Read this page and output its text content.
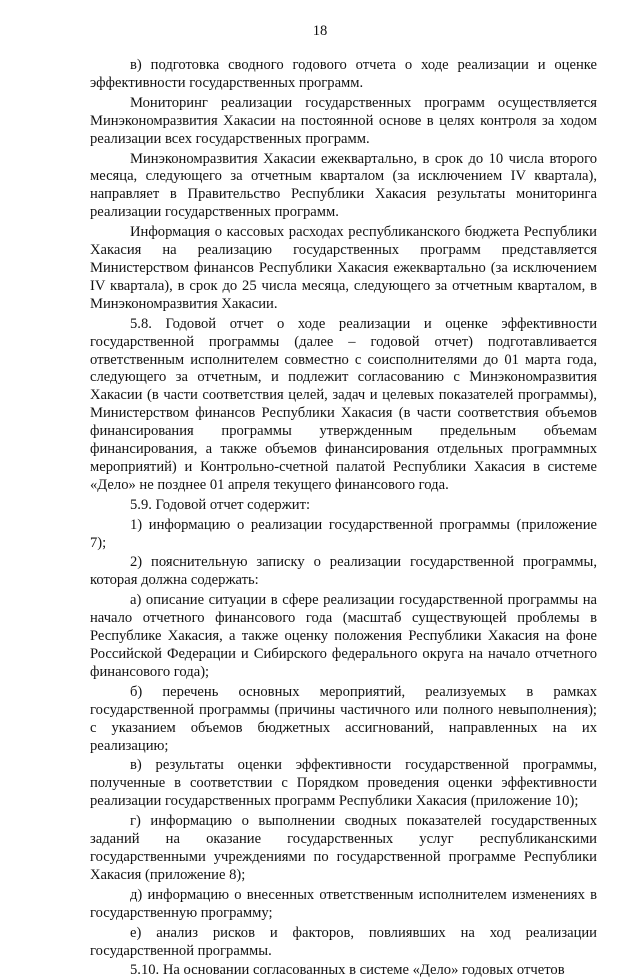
18

в) подготовка сводного годового отчета о ходе реализации и оценке эффективности государственных программ.

Мониторинг реализации государственных программ осуществляется Минэкономразвития Хакасии на постоянной основе в целях контроля за ходом реализации всех государственных программ.

Минэкономразвития Хакасии ежеквартально, в срок до 10 числа второго месяца, следующего за отчетным кварталом (за исключением IV квартала), направляет в Правительство Республики Хакасия результаты мониторинга реализации государственных программ.

Информация о кассовых расходах республиканского бюджета Республики Хакасия на реализацию государственных программ представляется Министерством финансов Республики Хакасия ежеквартально (за исключением IV квартала), в срок до 25 числа месяца, следующего за отчетным кварталом, в Минэкономразвития Хакасии.

5.8. Годовой отчет о ходе реализации и оценке эффективности государственной программы (далее – годовой отчет) подготавливается ответственным исполнителем совместно с соисполнителями до 01 марта года, следующего за отчетным, и подлежит согласованию с Минэкономразвития Хакасии (в части соответствия целей, задач и целевых показателей программы), Министерством финансов Республики Хакасия (в части соответствия объемов финансирования программы утвержденным предельным объемам финансирования, а также объемов финансирования отдельных программных мероприятий) и Контрольно-счетной палатой Республики Хакасия в системе «Дело» не позднее 01 апреля текущего финансового года.

5.9. Годовой отчет содержит:

1) информацию о реализации государственной программы (приложение 7);

2) пояснительную записку о реализации государственной программы, которая должна содержать:

а) описание ситуации в сфере реализации государственной программы на начало отчетного финансового года (масштаб существующей проблемы в Республике Хакасия, а также оценку положения Республики Хакасия на фоне Российской Федерации и Сибирского федерального округа на начало отчетного финансового года);

б) перечень основных мероприятий, реализуемых в рамках государственной программы (причины частичного или полного невыполнения); с указанием объемов бюджетных ассигнований, направленных на их реализацию;

в) результаты оценки эффективности государственной программы, полученные в соответствии с Порядком проведения оценки эффективности реализации государственных программ Республики Хакасия (приложение 10);

г) информацию о выполнении сводных показателей государственных заданий на оказание государственных услуг республиканскими государственными учреждениями по государственной программе Республики Хакасия (приложение 8);

д) информацию о внесенных ответственным исполнителем изменениях в государственную программу;

е) анализ рисков и факторов, повлиявших на ход реализации государственной программы.

5.10. На основании согласованных в системе «Дело» годовых отчетов
